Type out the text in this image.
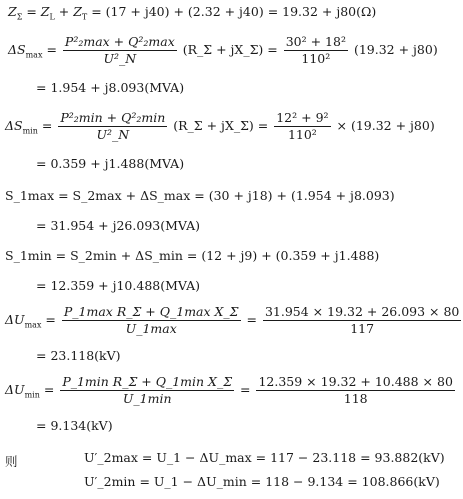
$Z_\Sigma = Z_L + Z_T = (17 + j40) + (2.32 + j40) = 19.32 + j80(\Omega)$
$\Delta S_{max} = \frac{\text{P²₂max + Q²₂max}}{\text{U²\_N}}$ (R_Σ + jX_Σ) = $\frac{\text{30² + 18²}}{\text{110²}} (19.32 + j80)$
= 1.954 + j8.093(MVA)
$\Delta S_{min} = \frac{\text{P²₂min + Q²₂min}}{\text{U²\_N}}$ (R_Σ + jX_Σ) = $\frac{\text{12² + 9²}}{\text{110²}} \times (19.32 + j80)$
= 0.359 + j1.488(MVA)
S_1max = S_2max + ΔS_max = (30 + j18) + (1.954 + j8.093)
= 31.954 + j26.093(MVA)
S_1min = S_2min + ΔS_min = (12 + j9) + (0.359 + j1.488)
= 12.359 + j10.488(MVA)
$\Delta U_{max} = \frac{\text{P\_1max R\_Σ + Q\_1max X\_Σ}}{U\_1\max} = \frac{31.954 \times 19.32 + 26.093 \times 80}{117}$
= 23.118(kV)
$\Delta U_{min} = \frac{\text{P\_1min R\_Σ + Q\_1min X\_Σ}}{U\_1\min} = \frac{12.359 \times 19.32 + 10.488 \times 80}{118}$
= 9.134(kV)
则	U′_2max = U_1 − ΔU_max = 117 − 23.118 = 93.882(kV)
U′_2min = U_1 − ΔU_min = 118 − 9.134 = 108.866(kV)
